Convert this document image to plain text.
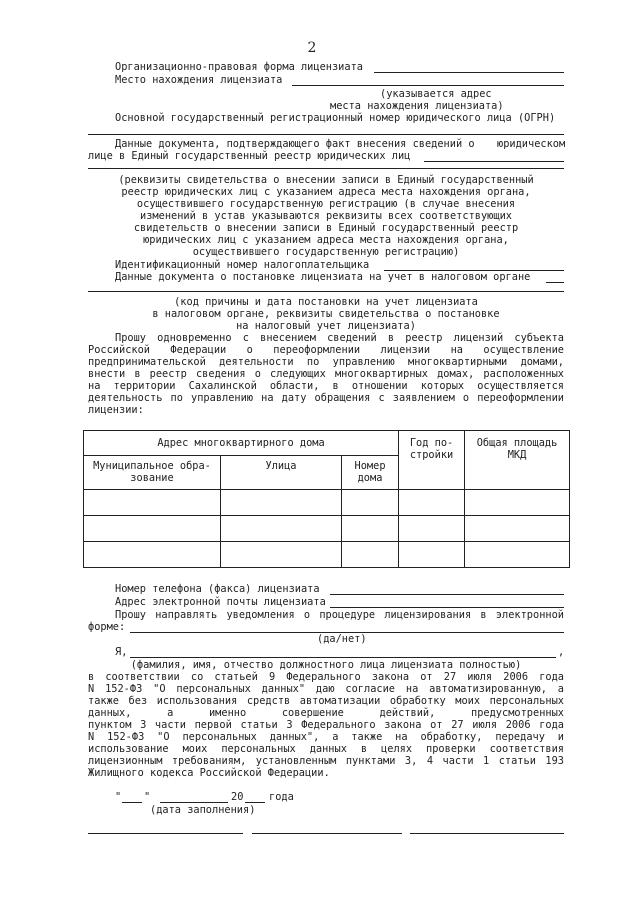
2
Организационно-правовая форма лицензиата
Место нахождения лицензиата
(указывается адрес
места нахождения лицензиата)
Основной государственный регистрационный номер юридического лица (ОГРН)
Данные документа, подтверждающего факт внесения сведений о юридическом
лице в Единый государственный реестр юридических лиц
(реквизиты свидетельства о внесении записи в Единый государственный
реестр юридических лиц с указанием адреса места нахождения органа,
осуществившего государственную регистрацию (в случае внесения
изменений в устав указываются реквизиты всех соответствующих
свидетельств о внесении записи в Единый государственный реестр
юридических лиц с указанием адреса места нахождения органа,
осуществившего государственную регистрацию)
Идентификационный номер налогоплательщика
Данные документа о постановке лицензиата на учет в налоговом органе
(код причины и дата постановки на учет лицензиата
в налоговом органе, реквизиты свидетельства о постановке
на налоговый учет лицензиата)
Прошу одновременно с внесением сведений в реестр лицензий субъекта
Российской Федерации о переоформлении лицензии на осуществление
предпринимательской деятельности по управлению многоквартирными домами,
внести в реестр сведения о следующих многоквартирных домах, расположенных
на территории Сахалинской области, в отношении которых осуществляется
деятельность по управлению на дату обращения с заявлением о переоформлении
лицензии:
Адрес многоквартирного дома			Год по-стройки	Общая площадь МКД
Муниципальное обра-зование	Улица	Номер дома		

Номер телефона (факса) лицензиата
Адрес электронной почты лицензиата
Прошу направлять уведомления о процедуре лицензирования в электронной
форме:
(да/нет)
Я,	,
(фамилия, имя, отчество должностного лица лицензиата полностью)
в соответствии со статьей 9 Федерального закона от 27 июля 2006 года
N 152-ФЗ "О персональных данных" даю согласие на автоматизированную, а
также без использования средств автоматизации обработку моих персональных
данных, а именно совершение действий, предусмотренных
пунктом 3 части первой статьи 3 Федерального закона от 27 июля 2006 года
N 152-ФЗ "О персональных данных", а также на обработку, передачу и
использование моих персональных данных в целях проверки соответствия
лицензионным требованиям, установленным пунктами 3, 4 части 1 статьи 193
Жилищного кодекса Российской Федерации.
" "	20 года
(дата заполнения)
